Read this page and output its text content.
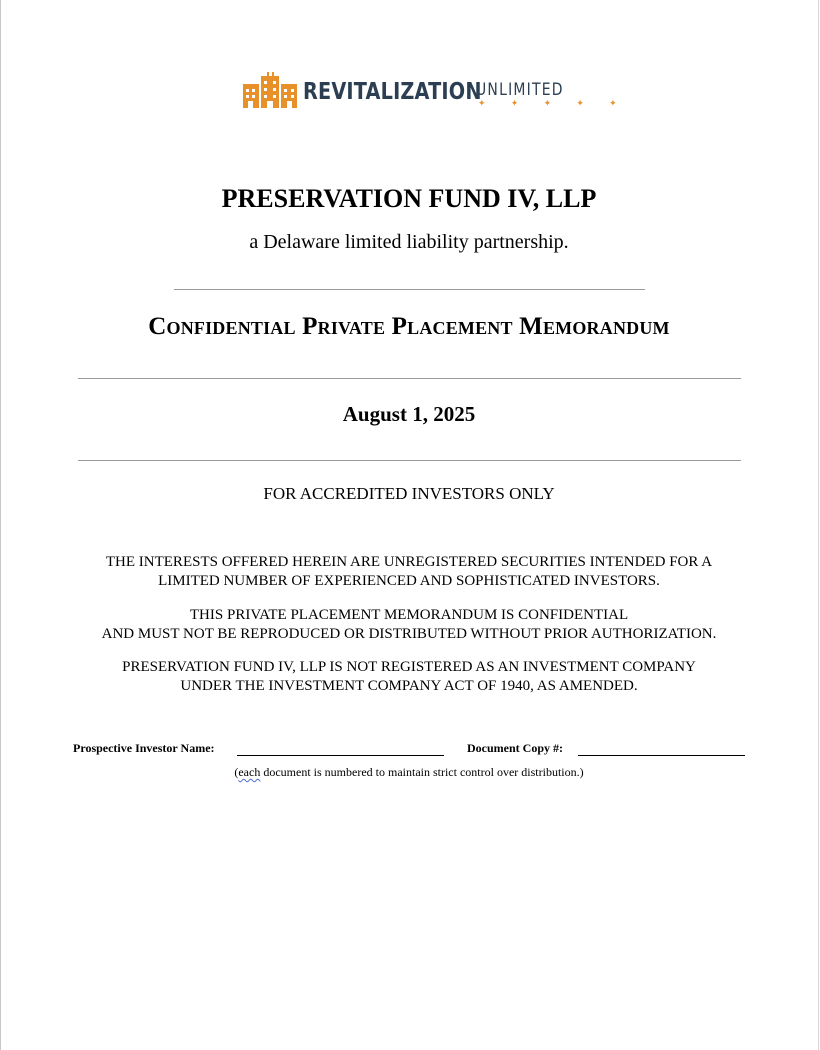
REVITALIZATION
UNLIMITED
✦ ✦ ✦ ✦ ✦
PRESERVATION FUND IV, LLP
a Delaware limited liability partnership.
Confidential Private Placement Memorandum
August 1, 2025
FOR ACCREDITED INVESTORS ONLY
THE INTERESTS OFFERED HEREIN ARE UNREGISTERED SECURITIES INTENDED FOR A
LIMITED NUMBER OF EXPERIENCED AND SOPHISTICATED INVESTORS.
THIS PRIVATE PLACEMENT MEMORANDUM IS CONFIDENTIAL
AND MUST NOT BE REPRODUCED OR DISTRIBUTED WITHOUT PRIOR AUTHORIZATION.
PRESERVATION FUND IV, LLP IS NOT REGISTERED AS AN INVESTMENT COMPANY
UNDER THE INVESTMENT COMPANY ACT OF 1940, AS AMENDED.
Prospective Investor Name:	Document Copy #:
(each document is numbered to maintain strict control over distribution.)
